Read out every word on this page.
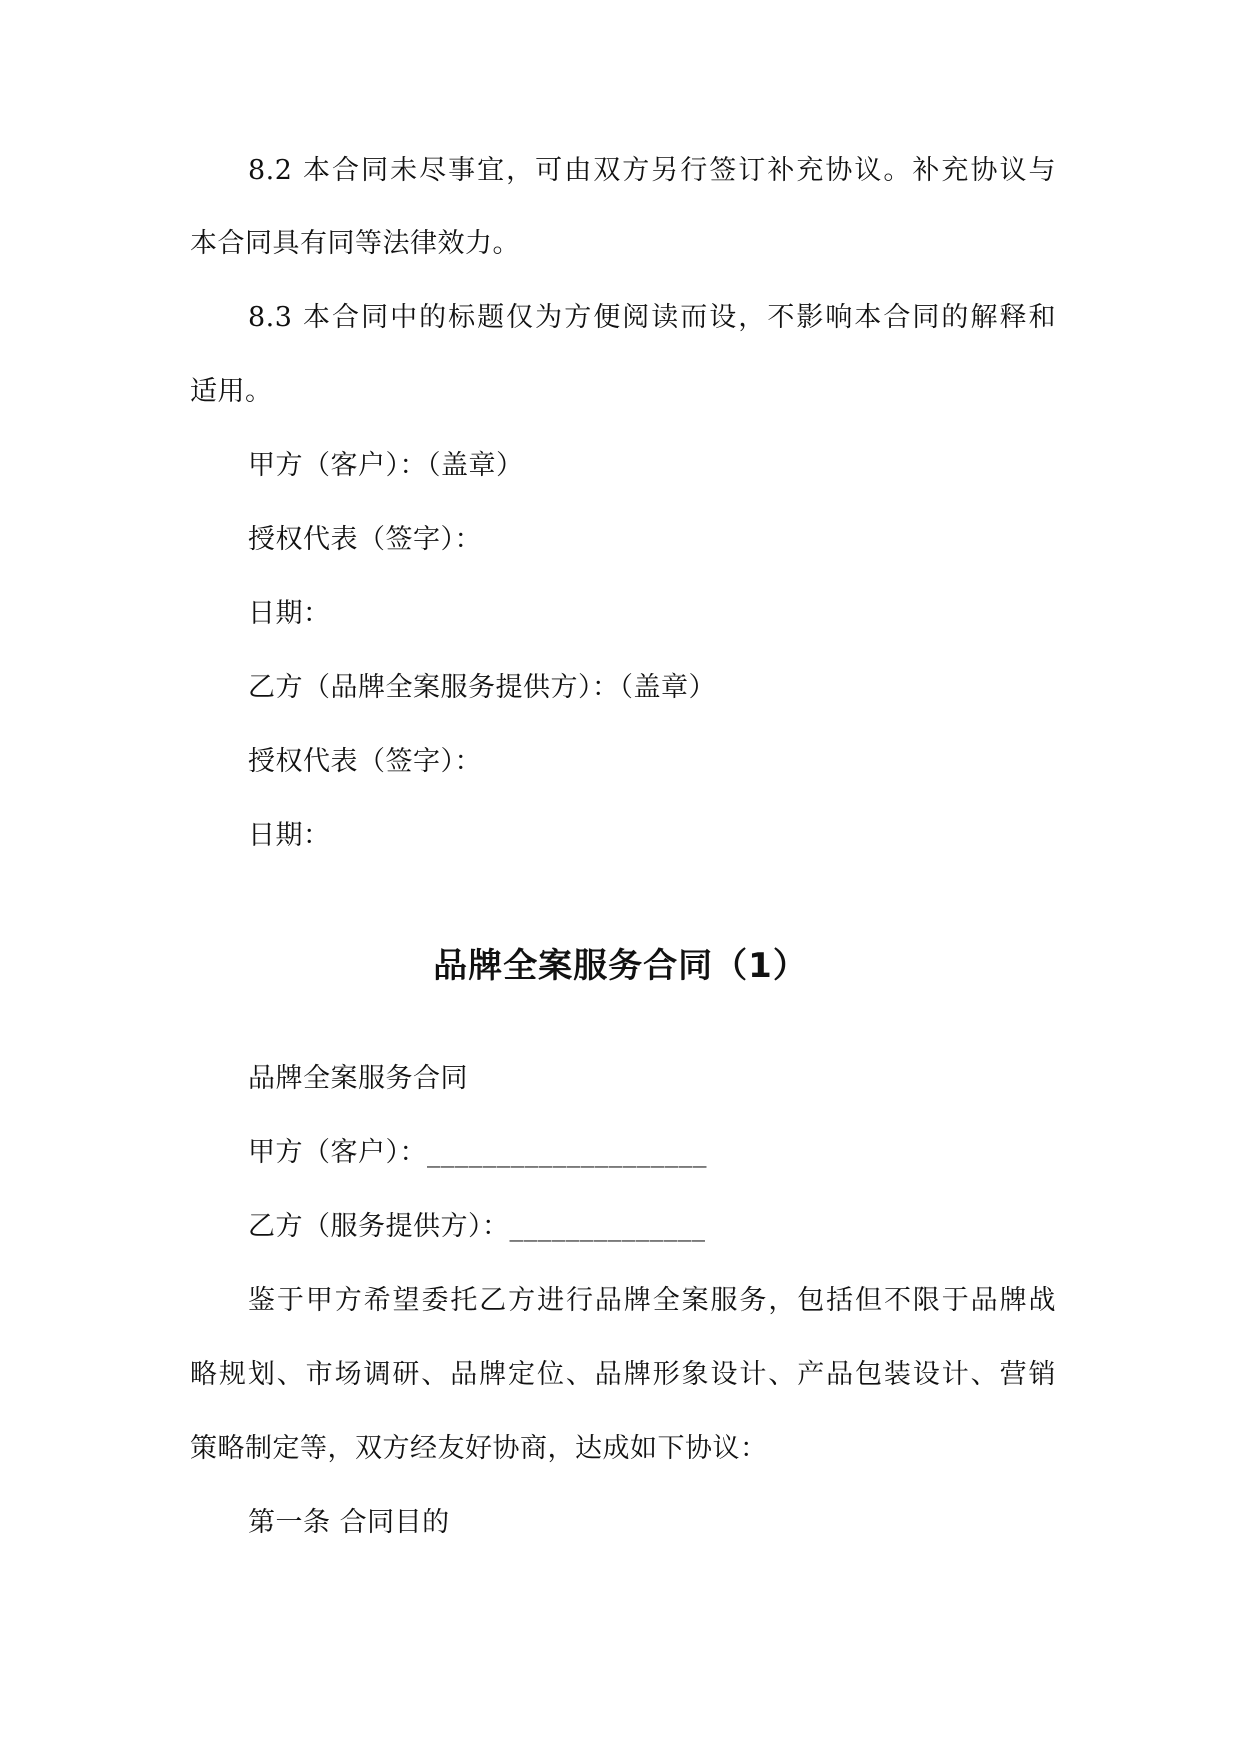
8.2 本合同未尽事宜，可由双方另行签订补充协议。补充协议与
本合同具有同等法律效力。
8.3 本合同中的标题仅为方便阅读而设，不影响本合同的解释和
适用。
甲方（客户）：（盖章）
授权代表（签字）：
日期：
乙方（品牌全案服务提供方）：（盖章）
授权代表（签字）：
日期：
品牌全案服务合同（1）
品牌全案服务合同
甲方（客户）：____________________
乙方（服务提供方）：______________
鉴于甲方希望委托乙方进行品牌全案服务，包括但不限于品牌战
略规划、市场调研、品牌定位、品牌形象设计、产品包装设计、营销
策略制定等，双方经友好协商，达成如下协议：
第一条 合同目的
